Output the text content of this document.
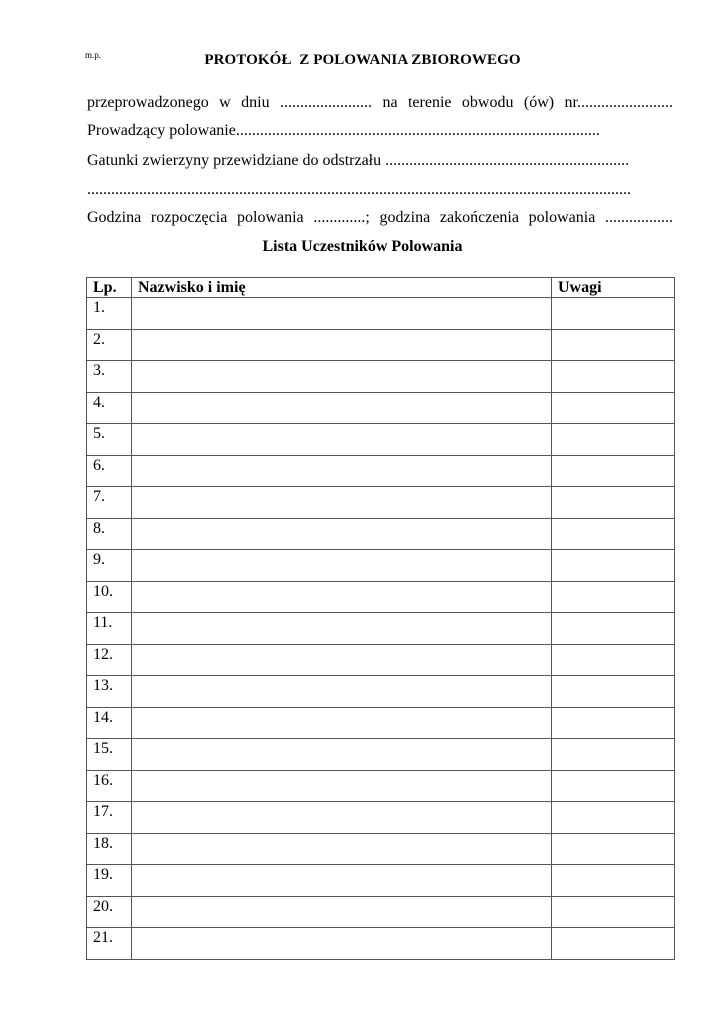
m.p.	PROTOKÓŁ  Z POLOWANIA ZBIOROWEGO
przeprowadzonego w dniu ....................... na terenie obwodu (ów) nr........................
Prowadzący polowanie...........................................................................................
Gatunki zwierzyny przewidziane do odstrzału .............................................................
........................................................................................................................................
Godzina rozpoczęcia polowania .............; godzina zakończenia polowania .................
Lista Uczestników Polowania
Lp.	Nazwisko i imię	Uwagi
1.		
2.		
3.		
4.		
5.		
6.		
7.		
8.		
9.		
10.		
11.		
12.		
13.		
14.		
15.		
16.		
17.		
18.		
19.		
20.		
21.		
